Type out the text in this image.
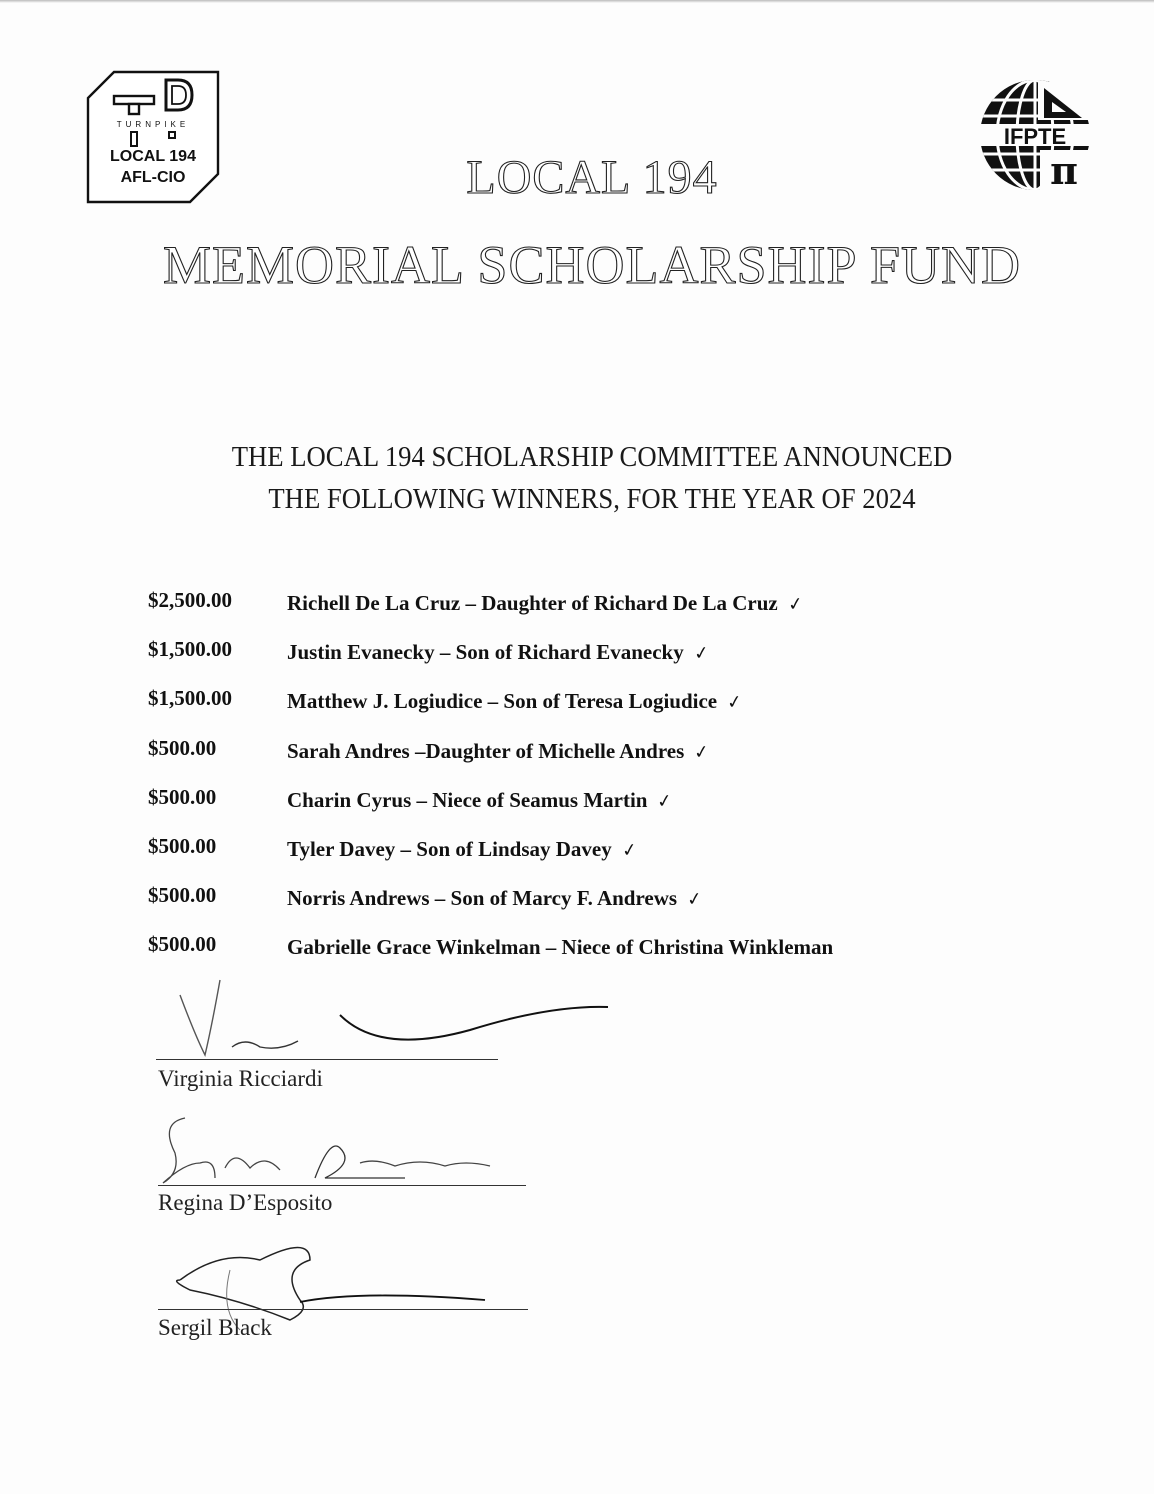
TURNPIKE
LOCAL 194
AFL-CIO
IFPTE
π
LOCAL 194
MEMORIAL SCHOLARSHIP FUND
THE LOCAL 194 SCHOLARSHIP COMMITTEE ANNOUNCED
THE FOLLOWING WINNERS, FOR THE YEAR OF 2024
$2,500.00	Richell De La Cruz – Daughter of Richard De La Cruz ✓
$1,500.00	Justin Evanecky – Son of Richard Evanecky ✓
$1,500.00	Matthew J. Logiudice – Son of Teresa Logiudice ✓
$500.00	Sarah Andres –Daughter of Michelle Andres ✓
$500.00	Charin Cyrus – Niece of Seamus Martin ✓
$500.00	Tyler Davey – Son of Lindsay Davey ✓
$500.00	Norris Andrews – Son of Marcy F. Andrews ✓
$500.00	Gabrielle Grace Winkelman – Niece of Christina Winkleman
Virginia Ricciardi
Regina D’Esposito
Sergil Black
